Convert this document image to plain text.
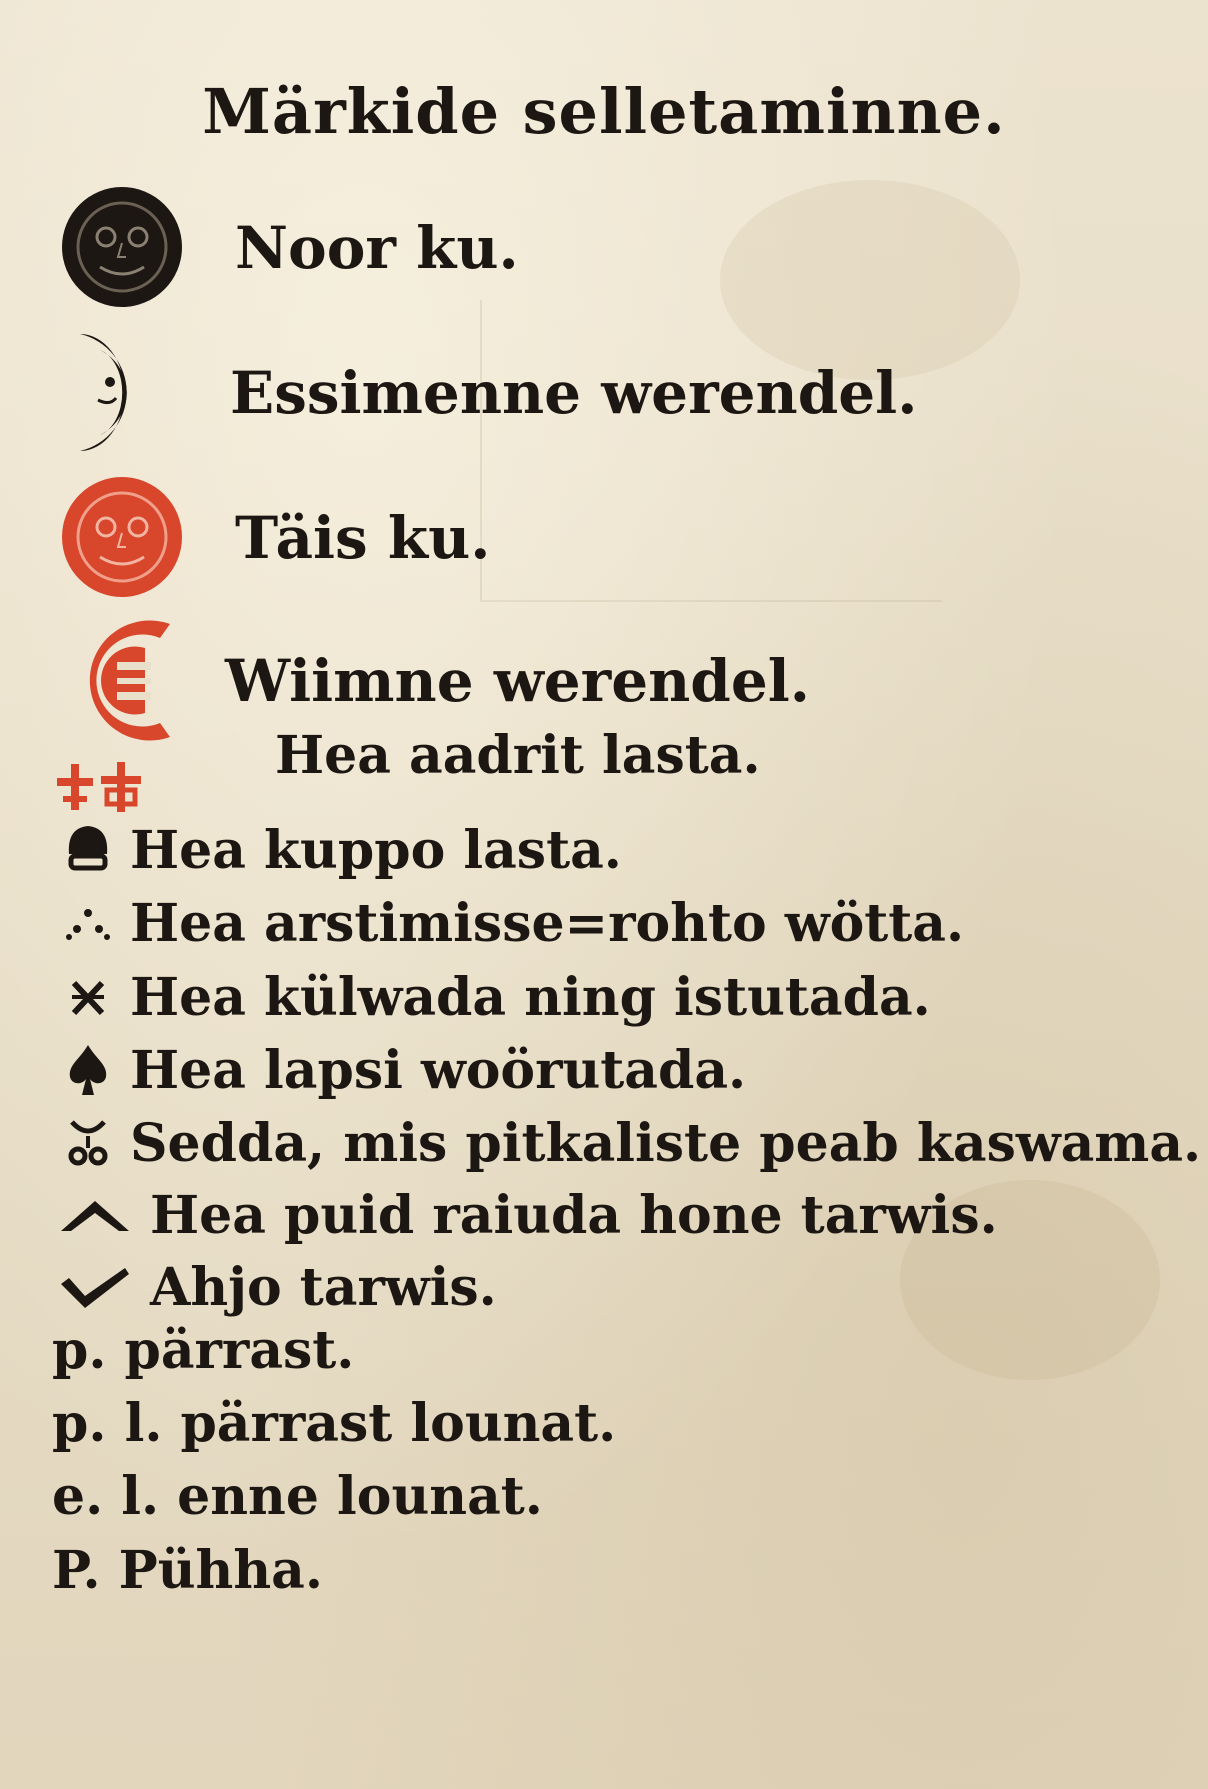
Märkide selletaminne.
Noor ku.
Essimenne werendel.
Täis ku.
Wiimne werendel.
Hea aadrit lasta.
Hea kuppo lasta.
Hea arstimisse=rohto wötta.
Hea külwada ning istutada.
Hea lapsi woörutada.
Sedda, mis pitkaliste peab kaswama.
Hea puid raiuda hone tarwis.
Ahjo tarwis.
p. pärrast.
p. l. pärrast lounat.
e. l. enne lounat.
P. Pühha.
